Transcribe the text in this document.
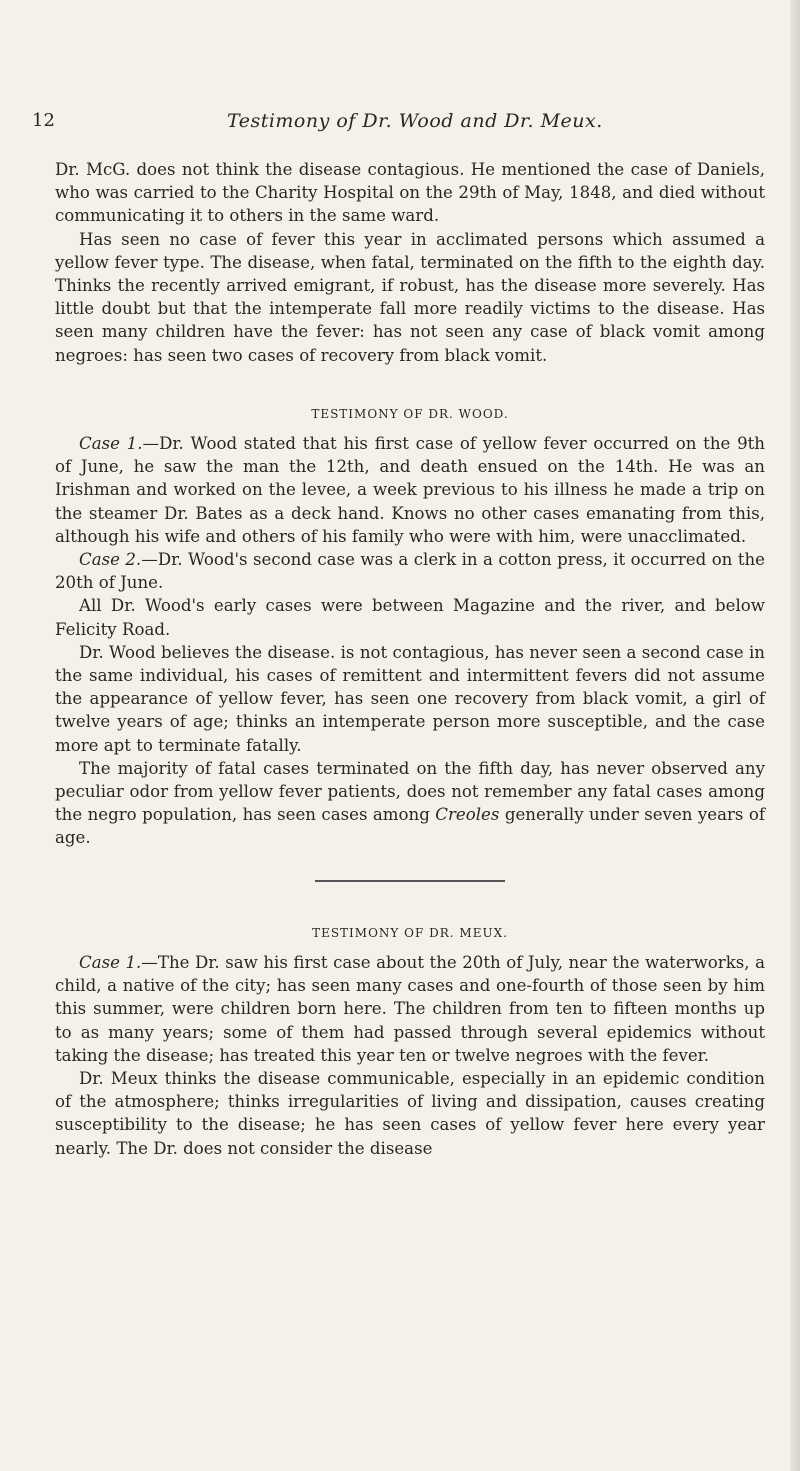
12	Testimony of Dr. Wood and Dr. Meux.

Dr. McG. does not think the disease contagious. He mentioned the case of Daniels, who was carried to the Charity Hospital on the 29th of May, 1848, and died without communicating it to others in the same ward.

Has seen no case of fever this year in acclimated persons which assumed a yellow fever type. The disease, when fatal, terminated on the fifth to the eighth day. Thinks the recently arrived emigrant, if robust, has the disease more severely. Has little doubt but that the intemperate fall more readily victims to the disease. Has seen many children have the fever: has not seen any case of black vomit among negroes: has seen two cases of recovery from black vomit.

TESTIMONY OF DR. WOOD.

Case 1.—Dr. Wood stated that his first case of yellow fever occurred on the 9th of June, he saw the man the 12th, and death ensued on the 14th. He was an Irishman and worked on the levee, a week previous to his illness he made a trip on the steamer Dr. Bates as a deck hand. Knows no other cases emanating from this, although his wife and others of his family who were with him, were unacclimated.

Case 2.—Dr. Wood's second case was a clerk in a cotton press, it occurred on the 20th of June.

All Dr. Wood's early cases were between Magazine and the river, and below Felicity Road.

Dr. Wood believes the disease. is not contagious, has never seen a second case in the same individual, his cases of remittent and intermittent fevers did not assume the appearance of yellow fever, has seen one recovery from black vomit, a girl of twelve years of age; thinks an intemperate person more susceptible, and the case more apt to terminate fatally.

The majority of fatal cases terminated on the fifth day, has never observed any peculiar odor from yellow fever patients, does not remember any fatal cases among the negro population, has seen cases among Creoles generally under seven years of age.

TESTIMONY OF DR. MEUX.

Case 1.—The Dr. saw his first case about the 20th of July, near the waterworks, a child, a native of the city; has seen many cases and one-fourth of those seen by him this summer, were children born here. The children from ten to fifteen months up to as many years; some of them had passed through several epidemics without taking the disease; has treated this year ten or twelve negroes with the fever.

Dr. Meux thinks the disease communicable, especially in an epidemic condition of the atmosphere; thinks irregularities of living and dissipation, causes creating susceptibility to the disease; he has seen cases of yellow fever here every year nearly. The Dr. does not consider the disease
